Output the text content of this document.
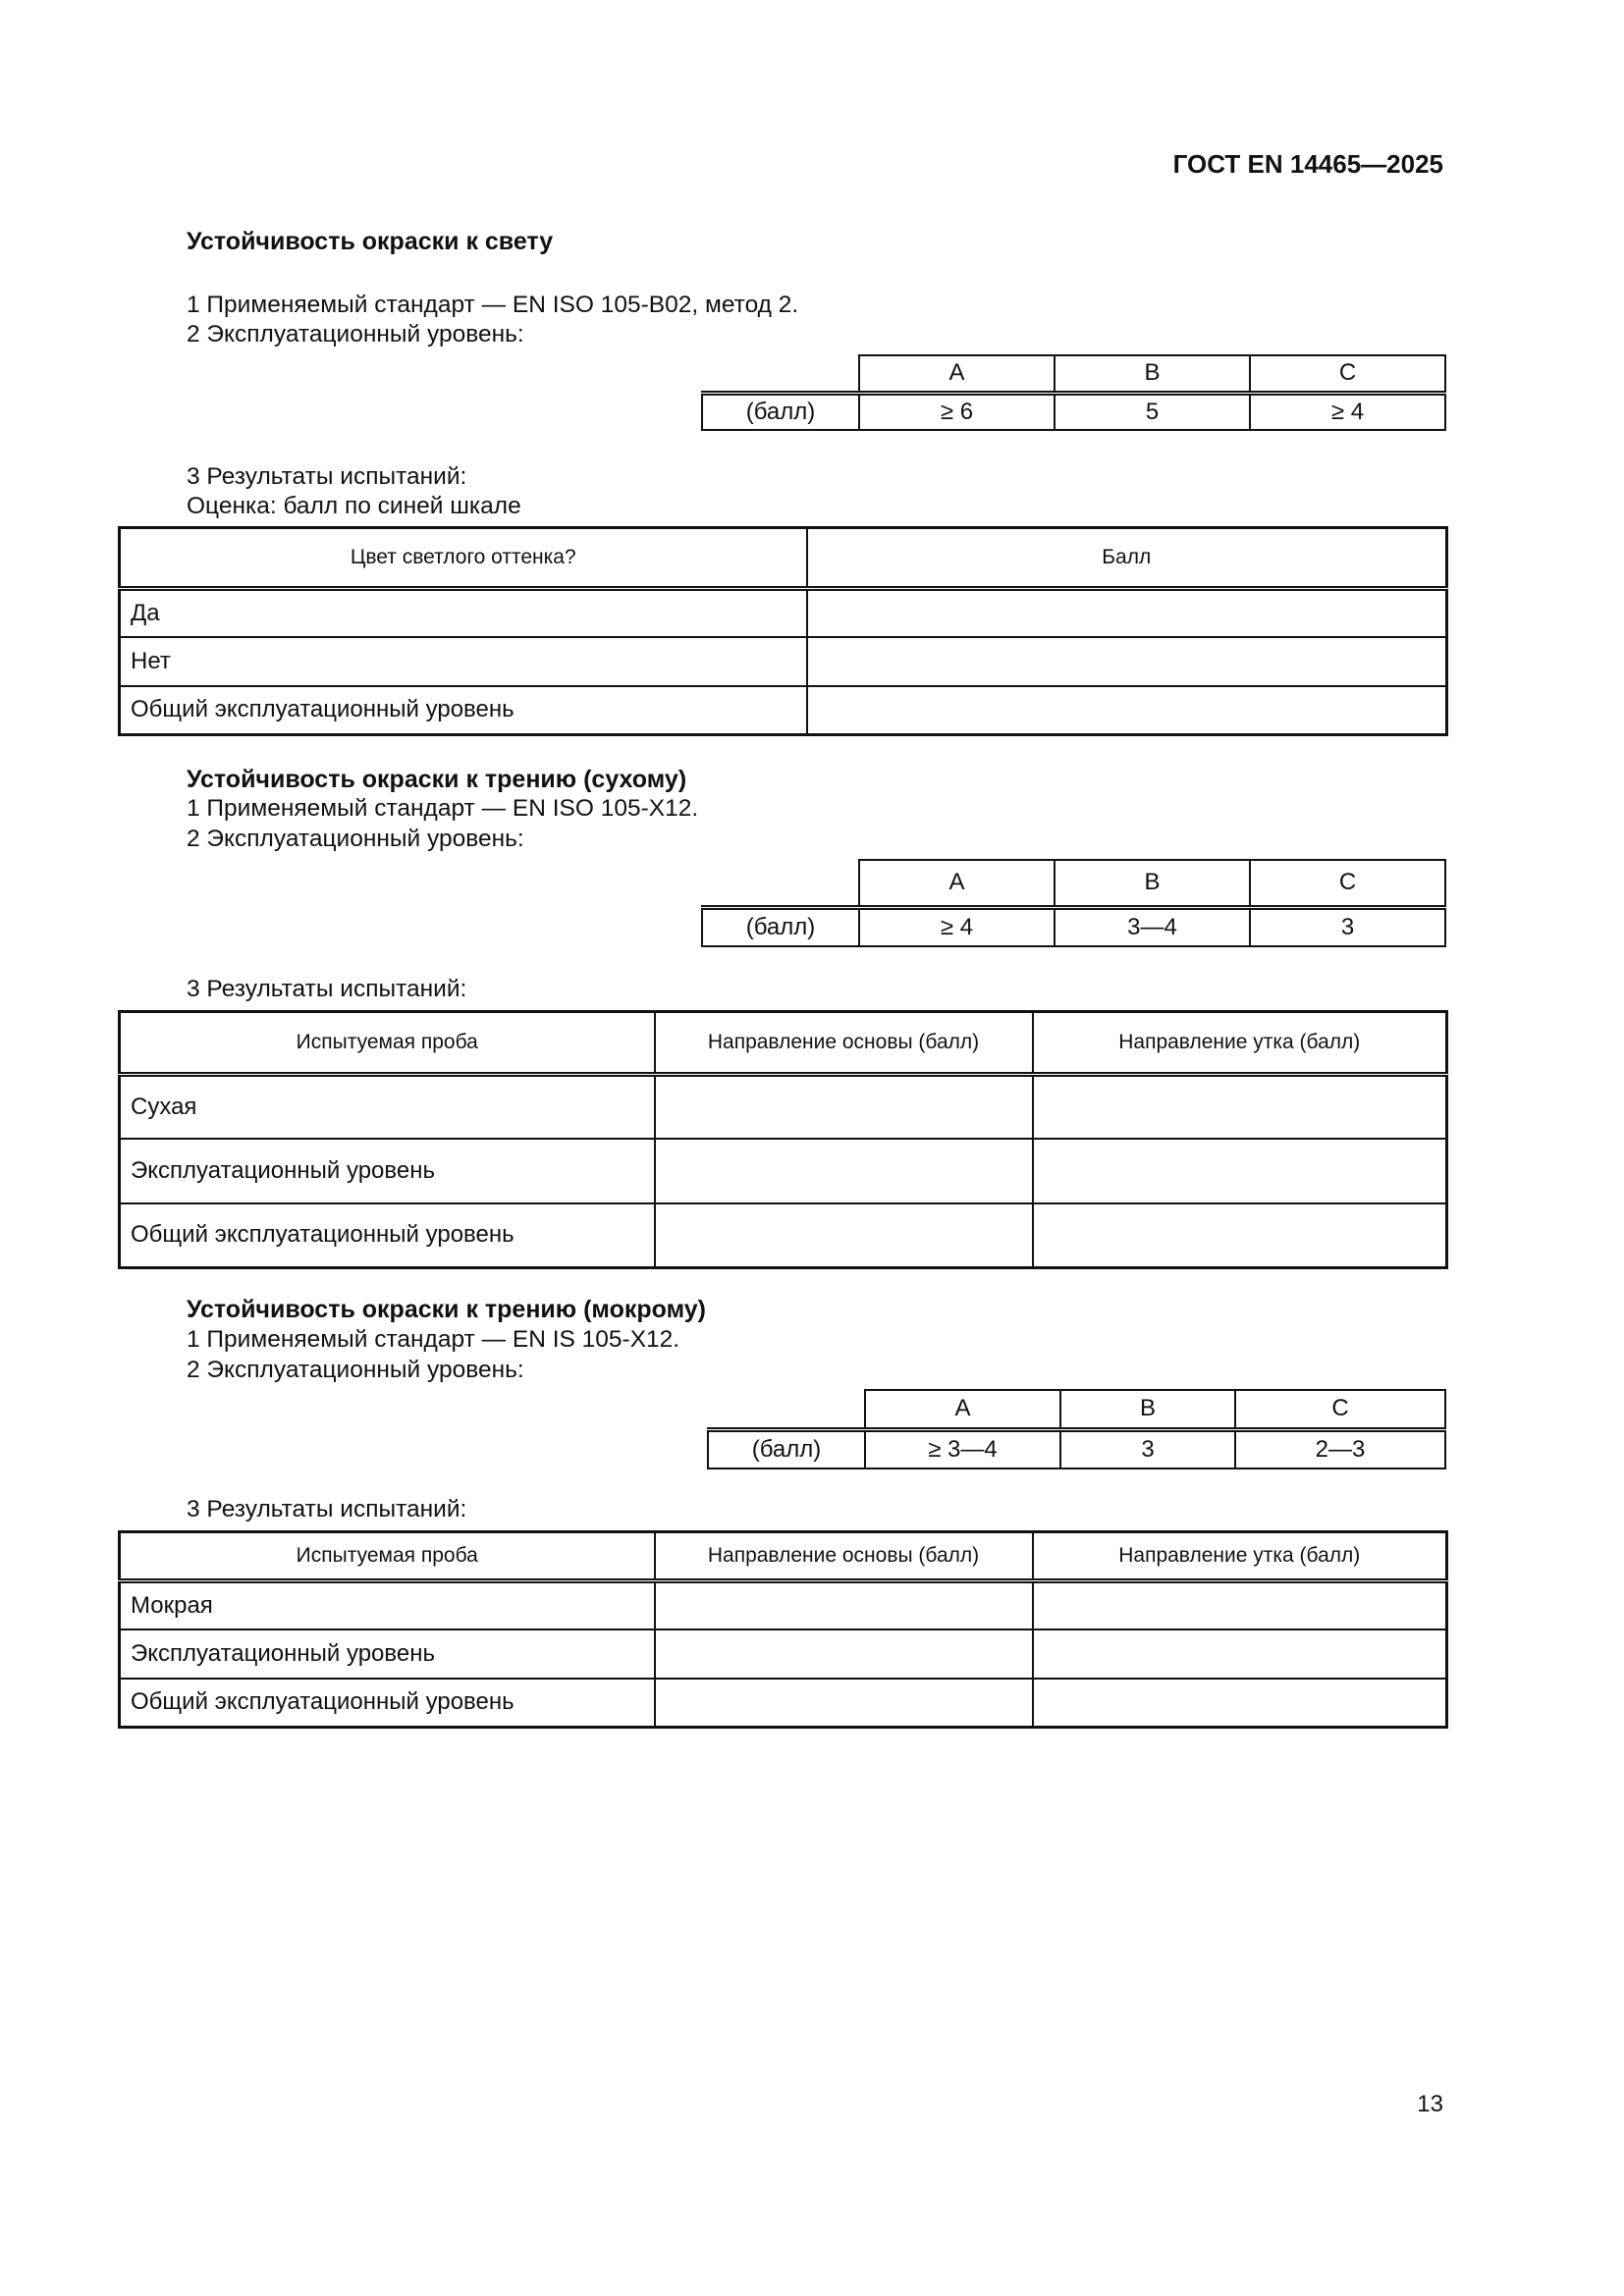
ГОСТ EN 14465—2025
Устойчивость окраски к свету
1 Применяемый стандарт — EN ISO 105-B02, метод 2.
2 Эксплуатационный уровень:
	A	B	C
(балл)	≥ 6	5	≥ 4
3 Результаты испытаний:
Оценка: балл по синей шкале
Цвет светлого оттенка?	Балл
Да	
Нет	
Общий эксплуатационный уровень	
Устойчивость окраски к трению (сухому)
1 Применяемый стандарт — EN ISO 105-X12.
2 Эксплуатационный уровень:
	A	B	C
(балл)	≥ 4	3—4	3
3 Результаты испытаний:
Испытуемая проба	Направление основы (балл)	Направление утка (балл)
Сухая		
Эксплуатационный уровень		
Общий эксплуатационный уровень		
Устойчивость окраски к трению (мокрому)
1 Применяемый стандарт — EN IS 105-X12.
2 Эксплуатационный уровень:
	A	B	C
(балл)	≥ 3—4	3	2—3
3 Результаты испытаний:
Испытуемая проба	Направление основы (балл)	Направление утка (балл)
Мокрая		
Эксплуатационный уровень		
Общий эксплуатационный уровень		
13
